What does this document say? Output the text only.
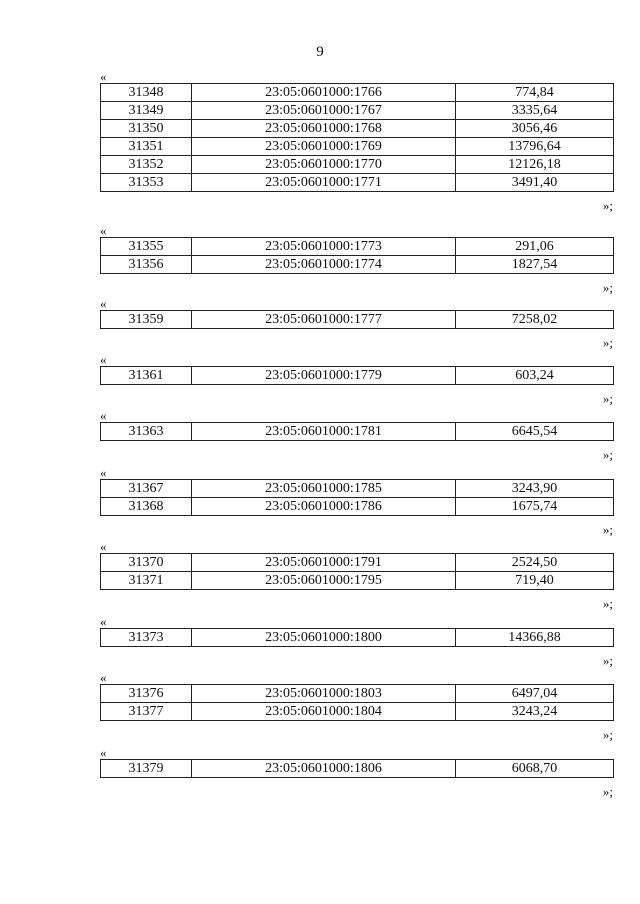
9
«
31348	23:05:0601000:1766	774,84
31349	23:05:0601000:1767	3335,64
31350	23:05:0601000:1768	3056,46
31351	23:05:0601000:1769	13796,64
31352	23:05:0601000:1770	12126,18
31353	23:05:0601000:1771	3491,40
»;
«
31355	23:05:0601000:1773	291,06
31356	23:05:0601000:1774	1827,54
»;
«
31359	23:05:0601000:1777	7258,02
»;
«
31361	23:05:0601000:1779	603,24
»;
«
31363	23:05:0601000:1781	6645,54
»;
«
31367	23:05:0601000:1785	3243,90
31368	23:05:0601000:1786	1675,74
»;
«
31370	23:05:0601000:1791	2524,50
31371	23:05:0601000:1795	719,40
»;
«
31373	23:05:0601000:1800	14366,88
»;
«
31376	23:05:0601000:1803	6497,04
31377	23:05:0601000:1804	3243,24
»;
«
31379	23:05:0601000:1806	6068,70
»;
